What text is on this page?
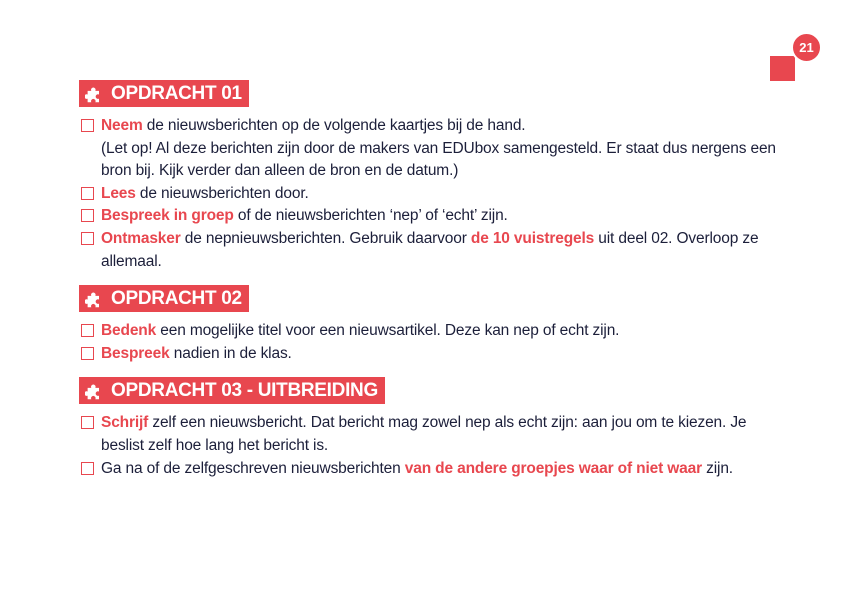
21
OPDRACHT 01
Neem de nieuwsberichten op de volgende kaartjes bij de hand.
(Let op! Al deze berichten zijn door de makers van EDUbox samengesteld. Er staat dus nergens een bron bij. Kijk verder dan alleen de bron en de datum.)
Lees de nieuwsberichten door.
Bespreek in groep of de nieuwsberichten ‘nep’ of ‘echt’ zijn.
Ontmasker de nepnieuwsberichten. Gebruik daarvoor de 10 vuistregels uit deel 02. Overloop ze allemaal.
OPDRACHT 02
Bedenk een mogelijke titel voor een nieuwsartikel. Deze kan nep of echt zijn.
Bespreek nadien in de klas.
OPDRACHT 03 - UITBREIDING
Schrijf zelf een nieuwsbericht. Dat bericht mag zowel nep als echt zijn: aan jou om te kiezen. Je beslist zelf hoe lang het bericht is.
Ga na of de zelfgeschreven nieuwsberichten van de andere groepjes waar of niet waar zijn.
